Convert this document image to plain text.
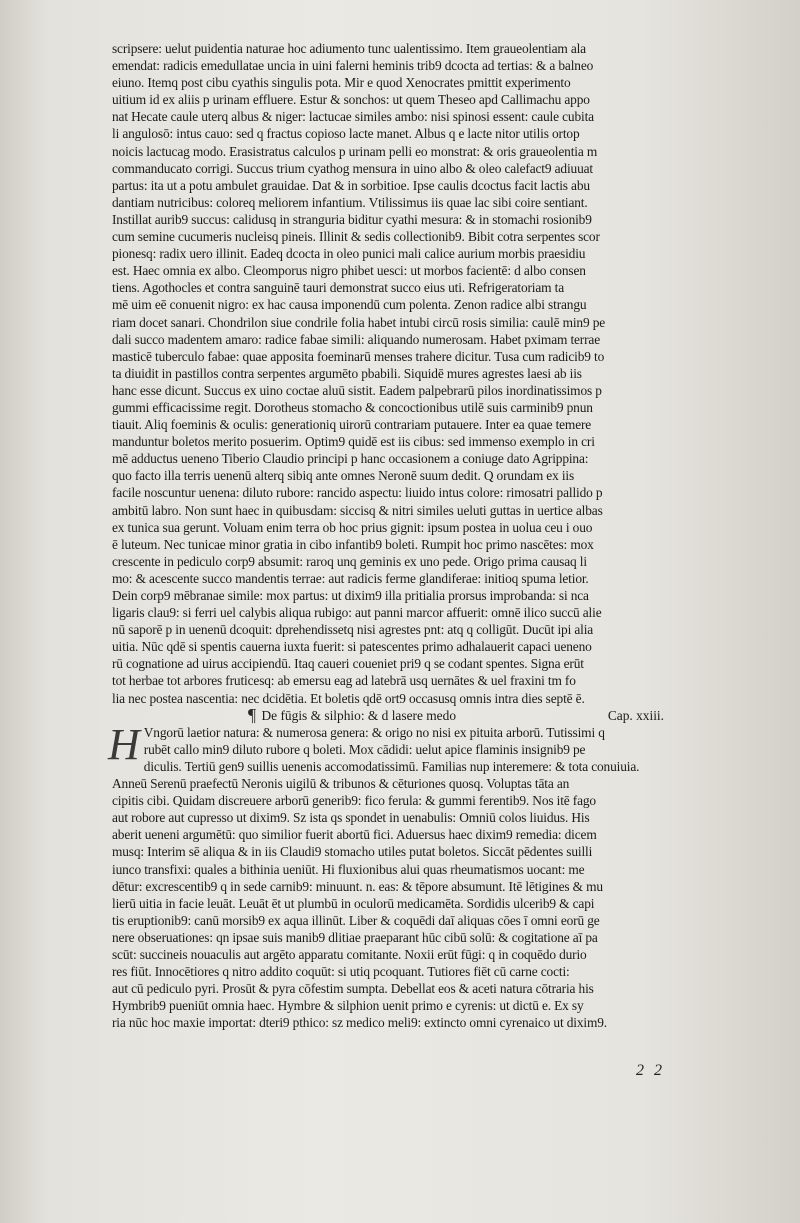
scripsere: uelut puidentia naturae hoc adiumento tunc ualentissimo. Item graueolentiam ala
emendat: radicis emedullatae uncia in uini falerni heminis trib9 dcocta ad tertias: & a balneo
eiuno. Itemq post cibu cyathis singulis pota. Mir e quod Xenocrates pmittit experimento
uitium id ex aliis p urinam effluere. Estur & sonchos: ut quem Theseo apd Callimachu appo
nat Hecate caule uterq albus & niger: lactucae similes ambo: nisi spinosi essent: caule cubita
li angulosō: intus cauo: sed q fractus copioso lacte manet. Albus q e lacte nitor utilis ortop
noicis lactucag modo. Erasistratus calculos p urinam pelli eo monstrat: & oris graueolentia m
commanducato corrigi. Succus trium cyathog mensura in uino albo & oleo calefact9 adiuuat
partus: ita ut a potu ambulet grauidae. Dat & in sorbitioe. Ipse caulis dcoctus facit lactis abu
dantiam nutricibus: coloreq meliorem infantium. Vtilissimus iis quae lac sibi coire sentiant.
Instillat aurib9 succus: calidusq in stranguria biditur cyathi mesura: & in stomachi rosionib9
cum semine cucumeris nucleisq pineis. Illinit & sedis collectionib9. Bibit cotra serpentes scor
pionesq: radix uero illinit. Eadeq dcocta in oleo punici mali calice aurium morbis praesidiu
est. Haec omnia ex albo. Cleomporus nigro phibet uesci: ut morbos facientē: d albo consen
tiens. Agothocles et contra sanguinē tauri demonstrat succo eius uti. Refrigeratoriam ta
mē uim eē conuenit nigro: ex hac causa imponendū cum polenta. Zenon radice albi strangu
riam docet sanari. Chondrilon siue condrile folia habet intubi circū rosis similia: caulē min9 pe
dali succo madentem amaro: radice fabae simili: aliquando numerosam. Habet pximam terrae
masticē tuberculo fabae: quae apposita foeminarū menses trahere dicitur. Tusa cum radicib9 to
ta diuidit in pastillos contra serpentes argumēto pbabili. Siquidē mures agrestes laesi ab iis
hanc esse dicunt. Succus ex uino coctae aluū sistit. Eadem palpebrarū pilos inordinatissimos p
gummi efficacissime regit. Dorotheus stomacho & concoctionibus utilē suis carminib9 pnun
tiauit. Aliq foeminis & oculis: generationiq uirorū contrariam putauere. Inter ea quae temere
manduntur boletos merito posuerim. Optim9 quidē est iis cibus: sed immenso exemplo in cri
mē adductus ueneno Tiberio Claudio principi p hanc occasionem a coniuge dato Agrippina:
quo facto illa terris uenenū alterq sibiq ante omnes Neronē suum dedit. Q orundam ex iis
facile noscuntur uenena: diluto rubore: rancido aspectu: liuido intus colore: rimosatri pallido p
ambitū labro. Non sunt haec in quibusdam: siccisq & nitri similes ueluti guttas in uertice albas
ex tunica sua gerunt. Voluam enim terra ob hoc prius gignit: ipsum postea in uolua ceu i ouo
ē luteum. Nec tunicae minor gratia in cibo infantib9 boleti. Rumpit hoc primo nascētes: mox
crescente in pediculo corp9 absumit: raroq unq geminis ex uno pede. Origo prima causaq li
mo: & acescente succo mandentis terrae: aut radicis ferme glandiferae: initioq spuma letior.
Dein corp9 mēbranae simile: mox partus: ut dixim9 illa pritialia prorsus improbanda: si nca
ligaris clau9: si ferri uel calybis aliqua rubigo: aut panni marcor affuerit: omnē ilico succū alie
nū saporē p in uenenū dcoquit: dprehendissetq nisi agrestes pnt: atq q colligūt. Ducūt ipi alia
uitia. Nūc qdē si spentis cauerna iuxta fuerit: si patescentes primo adhalauerit capaci ueneno
rū cognatione ad uirus accipiendū. Itaq caueri coueniet pri9 q se codant spentes. Signa erūt
tot herbae tot arbores fruticesq: ab emersu eag ad latebrā usq uernātes & uel fraxini tm fo
lia nec postea nascentia: nec dcidētia. Et boletis qdē ort9 occasusq omnis intra dies septē ē.
¶ De fūgis & silphio: & d lasere medo	Cap. xxiii.
H Vngorū laetior natura: & numerosa genera: & origo no nisi ex pituita arborū. Tutissimi q
rubēt callo min9 diluto rubore q boleti. Mox cādidi: uelut apice flaminis insignib9 pe
diculis. Tertiū gen9 suillis uenenis accomodatissimū. Familias nup interemere: & tota conuiuia.
Anneū Serenū praefectū Neronis uigilū & tribunos & cēturiones quosq. Voluptas tāta an
cipitis cibi. Quidam discreuere arborū generib9: fico ferula: & gummi ferentib9. Nos itē fago
aut robore aut cupresso ut dixim9. Sz ista qs spondet in uenabulis: Omniū colos liuidus. His
aberit ueneni argumētū: quo similior fuerit abortū fici. Aduersus haec dixim9 remedia: dicem
musq: Interim sē aliqua & in iis Claudi9 stomacho utiles putat boletos. Siccāt pēdentes suilli
iunco transfixi: quales a bithinia ueniūt. Hi fluxionibus alui quas rheumatismos uocant: me
dētur: excrescentib9 q in sede carnib9: minuunt. n. eas: & tēpore absumunt. Itē lētigines & mu
lierū uitia in facie leuāt. Leuāt ēt ut plumbū in oculorū medicamēta. Sordidis ulcerib9 & capi
tis eruptionib9: canū morsib9 ex aqua illinūt. Liber & coquēdi daī aliquas cōes ī omni eorū ge
nere obseruationes: qn ipsae suis manib9 dlitiae praeparant hūc cibū solū: & cogitatione aī pa
scūt: succineis nouaculis aut argēto apparatu comitante. Noxii erūt fūgi: q in coquēdo durio
res fiūt. Innocētiores q nitro addito coquūt: si utiq pcoquant. Tutiores fiēt cū carne cocti:
aut cū pediculo pyri. Prosūt & pyra cōfestim sumpta. Debellat eos & aceti natura cōtraria his
Hymbrib9 pueniūt omnia haec. Hymbre & silphion uenit primo e cyrenis: ut dictū e. Ex sy
ria nūc hoc maxie importat: dteri9 pthico: sz medico meli9: extincto omni cyrenaico ut dixim9.
2 2
